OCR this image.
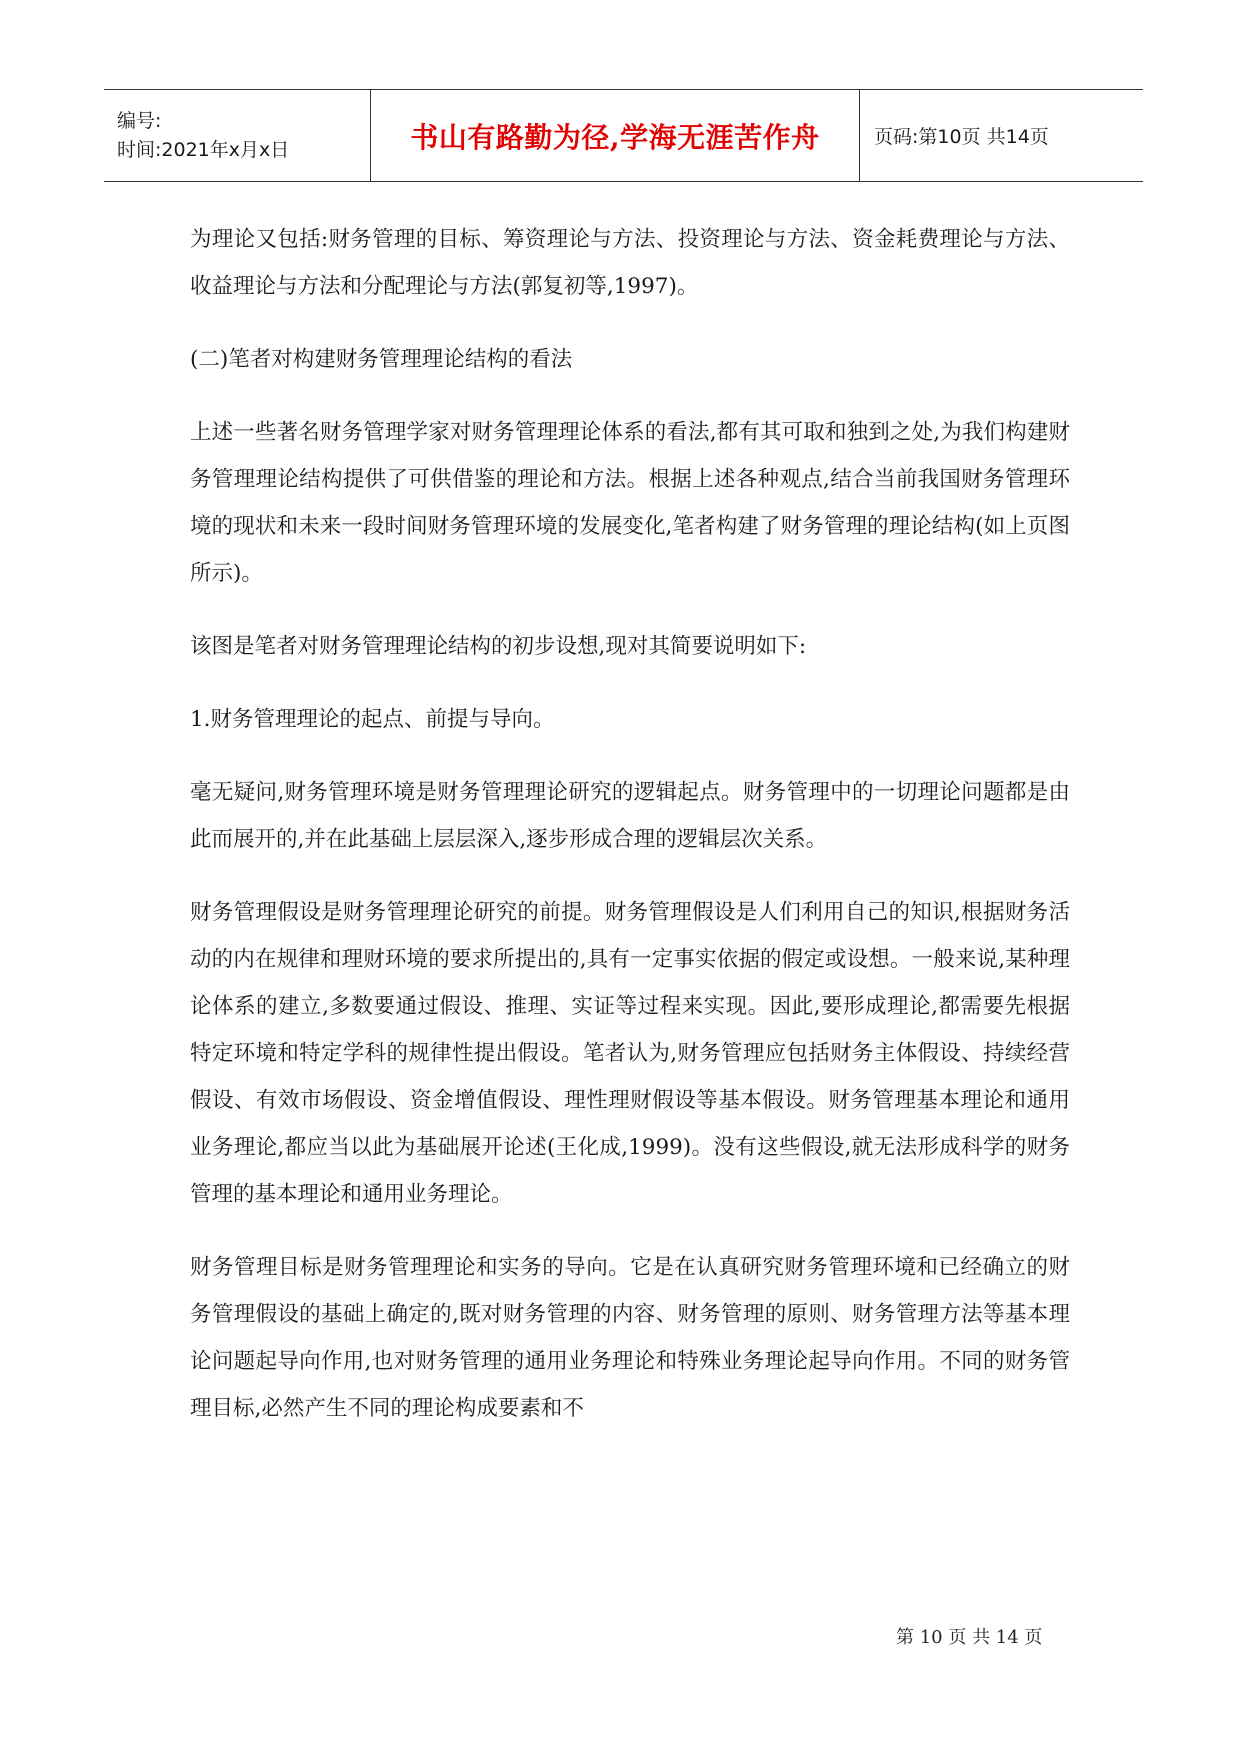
编号:
时间:2021年x月x日	书山有路勤为径,学海无涯苦作舟	页码:第10页 共14页

为理论又包括:财务管理的目标、筹资理论与方法、投资理论与方法、资金耗费理论与方法、收益理论与方法和分配理论与方法(郭复初等,1997)。

(二)笔者对构建财务管理理论结构的看法

上述一些著名财务管理学家对财务管理理论体系的看法,都有其可取和独到之处,为我们构建财务管理理论结构提供了可供借鉴的理论和方法。根据上述各种观点,结合当前我国财务管理环境的现状和未来一段时间财务管理环境的发展变化,笔者构建了财务管理的理论结构(如上页图所示)。

该图是笔者对财务管理理论结构的初步设想,现对其简要说明如下:

1.财务管理理论的起点、前提与导向。

毫无疑问,财务管理环境是财务管理理论研究的逻辑起点。财务管理中的一切理论问题都是由此而展开的,并在此基础上层层深入,逐步形成合理的逻辑层次关系。

财务管理假设是财务管理理论研究的前提。财务管理假设是人们利用自己的知识,根据财务活动的内在规律和理财环境的要求所提出的,具有一定事实依据的假定或设想。一般来说,某种理论体系的建立,多数要通过假设、推理、实证等过程来实现。因此,要形成理论,都需要先根据特定环境和特定学科的规律性提出假设。笔者认为,财务管理应包括财务主体假设、持续经营假设、有效市场假设、资金增值假设、理性理财假设等基本假设。财务管理基本理论和通用业务理论,都应当以此为基础展开论述(王化成,1999)。没有这些假设,就无法形成科学的财务管理的基本理论和通用业务理论。

财务管理目标是财务管理理论和实务的导向。它是在认真研究财务管理环境和已经确立的财务管理假设的基础上确定的,既对财务管理的内容、财务管理的原则、财务管理方法等基本理论问题起导向作用,也对财务管理的通用业务理论和特殊业务理论起导向作用。不同的财务管理目标,必然产生不同的理论构成要素和不

第 10 页 共 14 页
